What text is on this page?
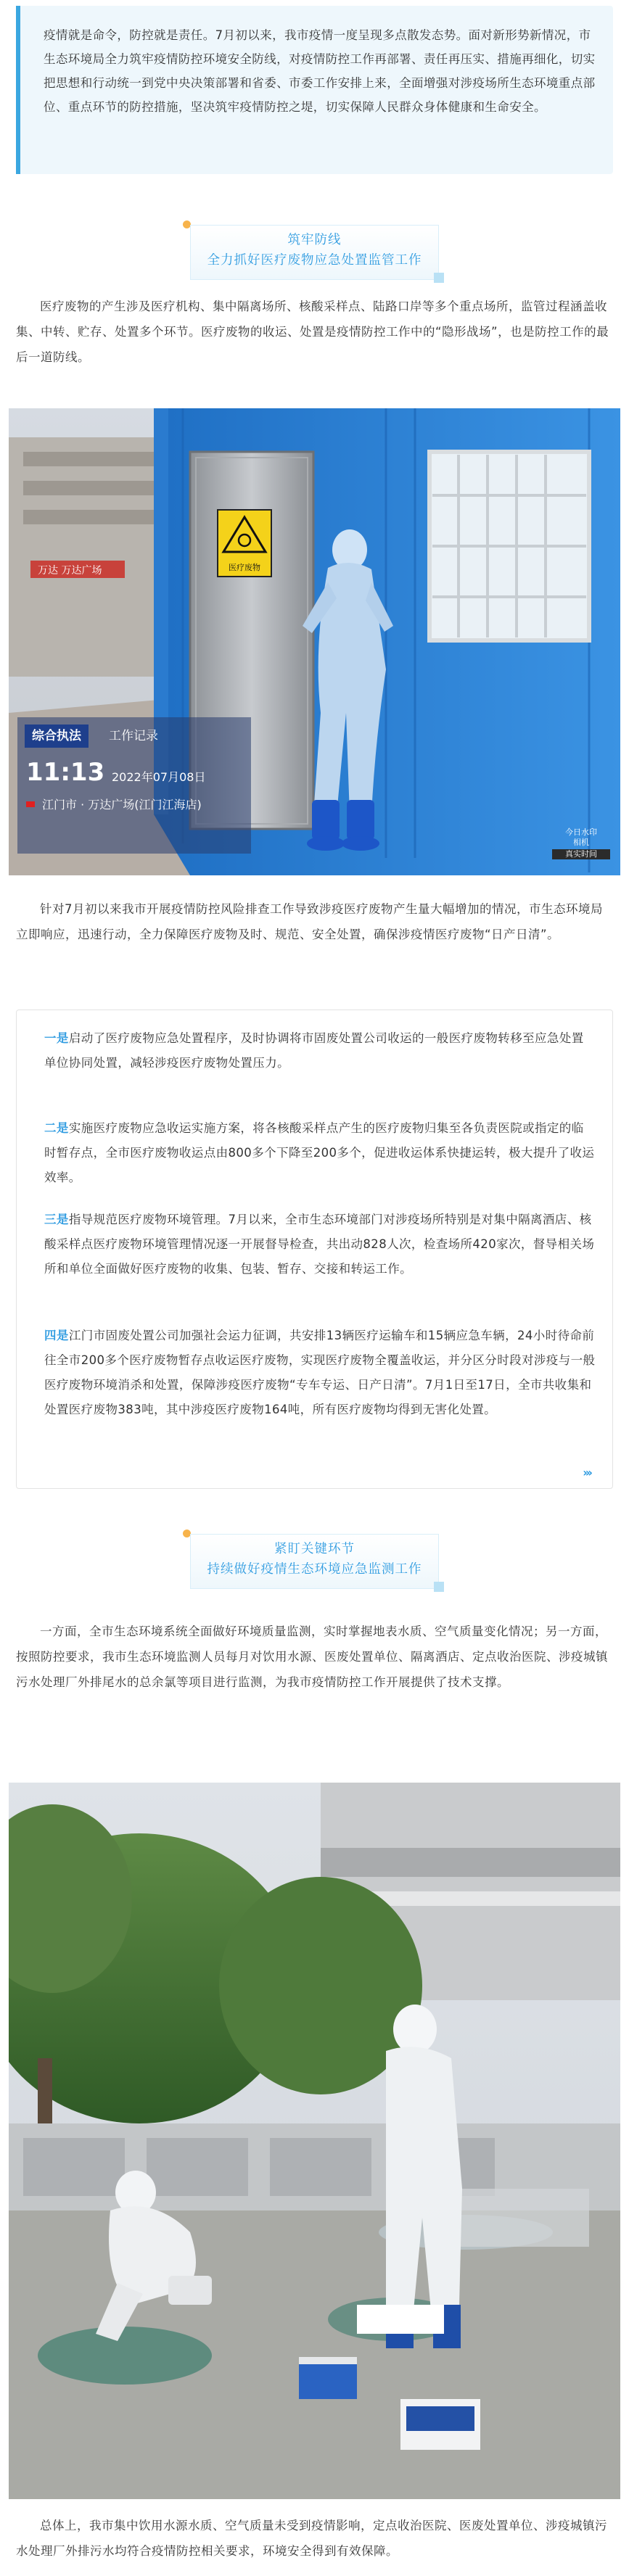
疫情就是命令，防控就是责任。7月初以来，我市疫情一度呈现多点散发态势。面对新形势新情况，市生态环境局全力筑牢疫情防控环境安全防线，对疫情防控工作再部署、责任再压实、措施再细化，切实把思想和行动统一到党中央决策部署和省委、市委工作安排上来，全面增强对涉疫场所生态环境重点部位、重点环节的防控措施，坚决筑牢疫情防控之堤，切实保障人民群众身体健康和生命安全。

筑牢防线
全力抓好医疗废物应急处置监管工作

医疗废物的产生涉及医疗机构、集中隔离场所、核酸采样点、陆路口岸等多个重点场所，监管过程涵盖收集、中转、贮存、处置多个环节。医疗废物的收运、处置是疫情防控工作中的“隐形战场”，也是防控工作的最后一道防线。

万达 万达广场	医疗废物
综合执法	工作记录
11:13 2022年07月08日
江门市 · 万达广场(江门江海店)
今日水印
相机
真实时间

针对7月初以来我市开展疫情防控风险排查工作导致涉疫医疗废物产生量大幅增加的情况，市生态环境局立即响应，迅速行动，全力保障医疗废物及时、规范、安全处置，确保涉疫情医疗废物“日产日清”。

一是启动了医疗废物应急处置程序，及时协调将市固废处置公司收运的一般医疗废物转移至应急处置单位协同处置，减轻涉疫医疗废物处置压力。

二是实施医疗废物应急收运实施方案，将各核酸采样点产生的医疗废物归集至各负责医院或指定的临时暂存点，全市医疗废物收运点由800多个下降至200多个，促进收运体系快捷运转，极大提升了收运效率。

三是指导规范医疗废物环境管理。7月以来，全市生态环境部门对涉疫场所特别是对集中隔离酒店、核酸采样点医疗废物环境管理情况逐一开展督导检查，共出动828人次，检查场所420家次，督导相关场所和单位全面做好医疗废物的收集、包装、暂存、交接和转运工作。

四是江门市固废处置公司加强社会运力征调，共安排13辆医疗运输车和15辆应急车辆，24小时待命前往全市200多个医疗废物暂存点收运医疗废物，实现医疗废物全覆盖收运，并分区分时段对涉疫与一般医疗废物环境消杀和处置，保障涉疫医疗废物“专车专运、日产日清”。7月1日至17日，全市共收集和处置医疗废物383吨，其中涉疫医疗废物164吨，所有医疗废物均得到无害化处置。

›››
紧盯关键环节
持续做好疫情生态环境应急监测工作

一方面，全市生态环境系统全面做好环境质量监测，实时掌握地表水质、空气质量变化情况；另一方面，按照防控要求，我市生态环境监测人员每月对饮用水源、医废处置单位、隔离酒店、定点收治医院、涉疫城镇污水处理厂外排尾水的总余氯等项目进行监测，为我市疫情防控工作开展提供了技术支撑。

总体上，我市集中饮用水源水质、空气质量未受到疫情影响，定点收治医院、医废处置单位、涉疫城镇污水处理厂外排污水均符合疫情防控相关要求，环境安全得到有效保障。
